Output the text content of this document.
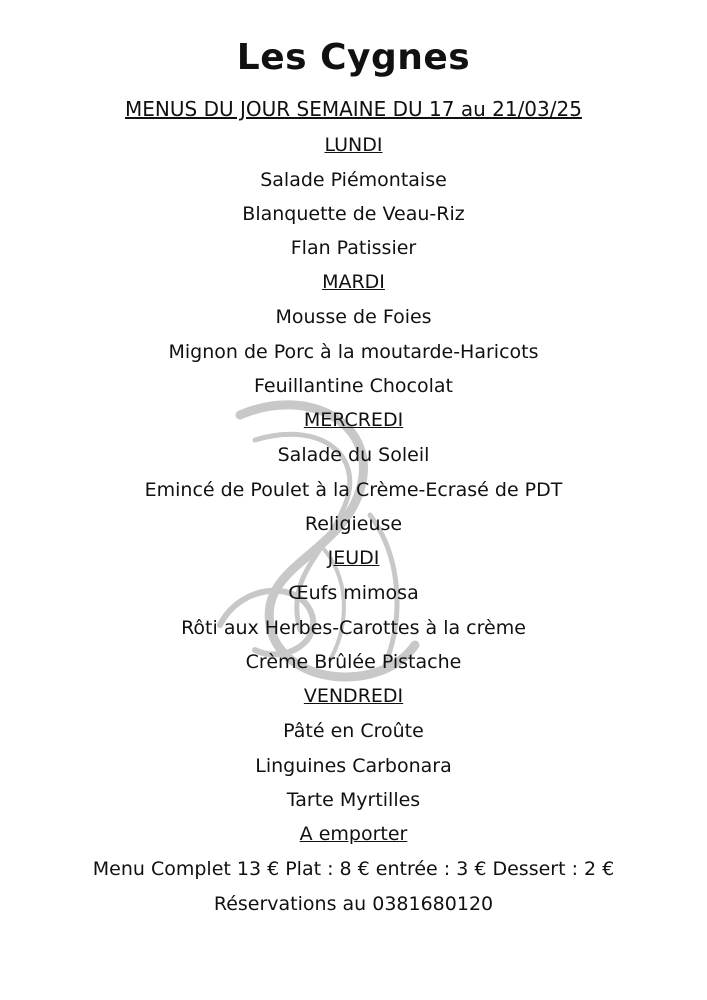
Les Cygnes
MENUS DU JOUR SEMAINE DU 17 au 21/03/25
LUNDI
Salade Piémontaise
Blanquette de Veau-Riz
Flan Patissier
MARDI
Mousse de Foies
Mignon de Porc à la moutarde-Haricots
Feuillantine Chocolat
MERCREDI
Salade du Soleil
Emincé de Poulet à la Crème-Ecrasé de PDT
Religieuse
JEUDI
Œufs mimosa
Rôti aux Herbes-Carottes à la crème
Crème Brûlée Pistache
VENDREDI
Pâté en Croûte
Linguines Carbonara
Tarte Myrtilles
A emporter
Menu Complet 13 € Plat : 8 € entrée : 3 € Dessert : 2 €
Réservations au 0381680120
